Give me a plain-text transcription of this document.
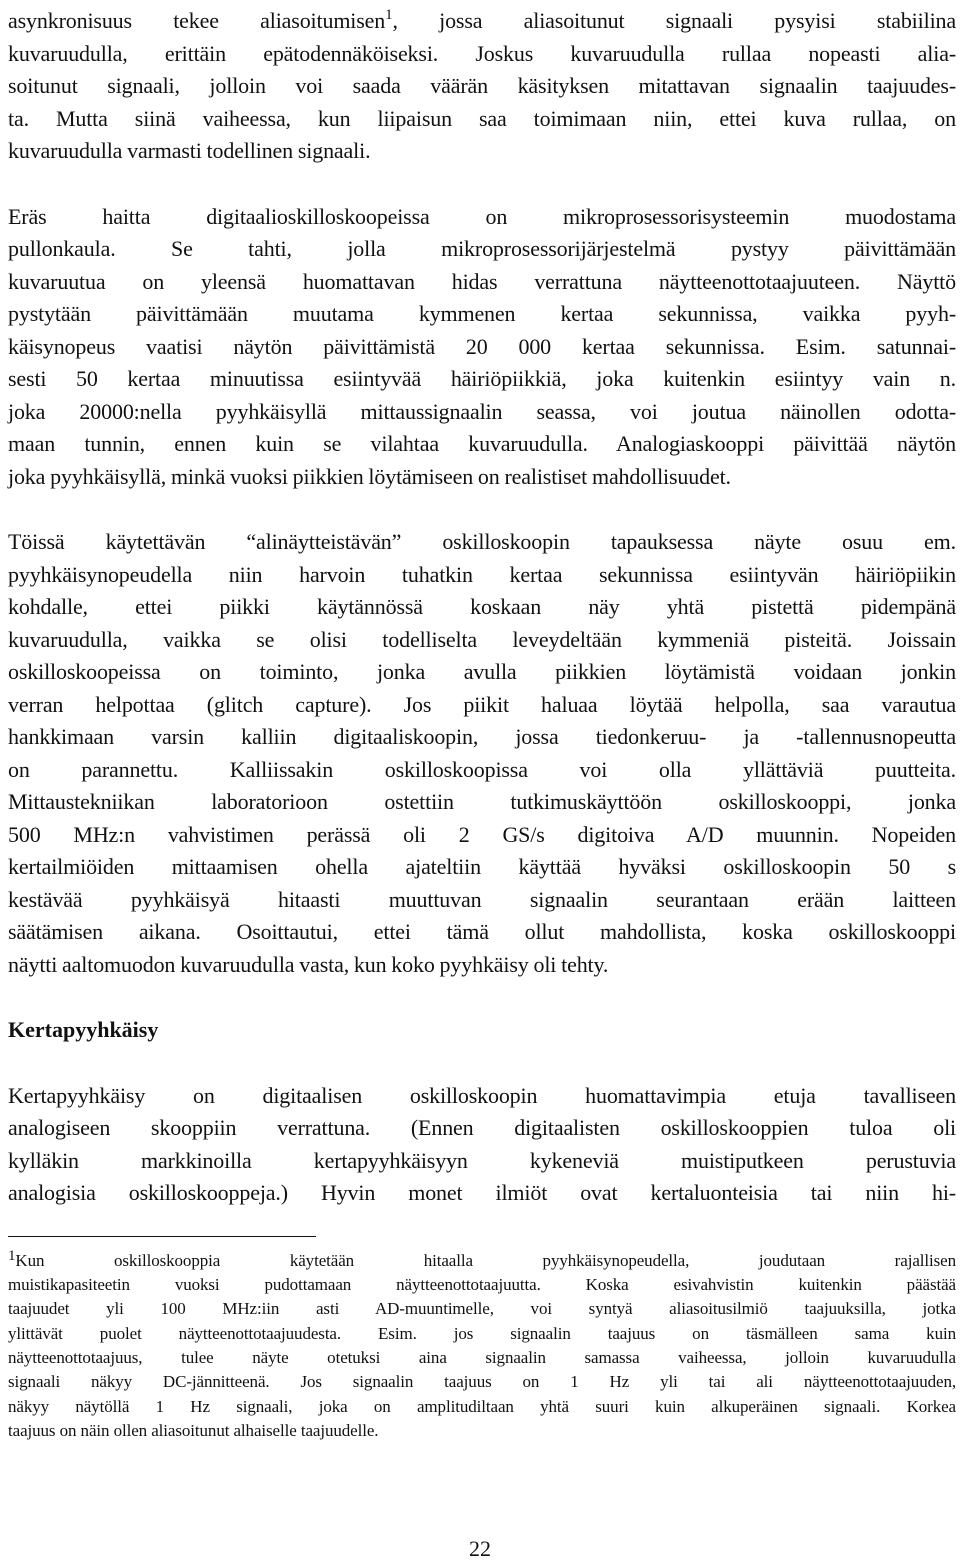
asynkronisuus tekee aliasoitumisen$^1$, jossa aliasoitunut signaali pysyisi stabiilina
kuvaruudulla, erittäin epätodennäköiseksi. Joskus kuvaruudulla rullaa nopeasti alia-
soitunut signaali, jolloin voi saada väärän käsityksen mitattavan signaalin taajuudes-
ta. Mutta siinä vaiheessa, kun liipaisun saa toimimaan niin, ettei kuva rullaa, on
kuvaruudulla varmasti todellinen signaali.
Eräs haitta digitaalioskilloskoopeissa on mikroprosessorisysteemin muodostama
pullonkaula. Se tahti, jolla mikroprosessorijärjestelmä pystyy päivittämään
kuvaruutua on yleensä huomattavan hidas verrattuna näytteenottotaajuuteen. Näyttö
pystytään päivittämään muutama kymmenen kertaa sekunnissa, vaikka pyyh-
käisynopeus vaatisi näytön päivittämistä 20 000 kertaa sekunnissa. Esim. satunnai-
sesti 50 kertaa minuutissa esiintyvää häiriöpiikkiä, joka kuitenkin esiintyy vain n.
joka 20000:nella pyyhkäisyllä mittaussignaalin seassa, voi joutua näinollen odotta-
maan tunnin, ennen kuin se vilahtaa kuvaruudulla. Analogiaskooppi päivittää näytön
joka pyyhkäisyllä, minkä vuoksi piikkien löytämiseen on realistiset mahdollisuudet.
Töissä käytettävän “alinäytteistävän” oskilloskoopin tapauksessa näyte osuu em.
pyyhkäisynopeudella niin harvoin tuhatkin kertaa sekunnissa esiintyvän häiriöpiikin
kohdalle, ettei piikki käytännössä koskaan näy yhtä pistettä pidempänä
kuvaruudulla, vaikka se olisi todelliselta leveydeltään kymmeniä pisteitä. Joissain
oskilloskoopeissa on toiminto, jonka avulla piikkien löytämistä voidaan jonkin
verran helpottaa (glitch capture). Jos piikit haluaa löytää helpolla, saa varautua
hankkimaan varsin kalliin digitaaliskoopin, jossa tiedonkeruu- ja -tallennusnopeutta
on parannettu. Kalliissakin oskilloskoopissa voi olla yllättäviä puutteita.
Mittaustekniikan laboratorioon ostettiin tutkimuskäyttöön oskilloskooppi, jonka
500 MHz:n vahvistimen perässä oli 2 GS/s digitoiva A/D muunnin. Nopeiden
kertailmiöiden mittaamisen ohella ajateltiin käyttää hyväksi oskilloskoopin 50 s
kestävää pyyhkäisyä hitaasti muuttuvan signaalin seurantaan erään laitteen
säätämisen aikana. Osoittautui, ettei tämä ollut mahdollista, koska oskilloskooppi
näytti aaltomuodon kuvaruudulla vasta, kun koko pyyhkäisy oli tehty.
Kertapyyhkäisy
Kertapyyhkäisy on digitaalisen oskilloskoopin huomattavimpia etuja tavalliseen
analogiseen skooppiin verrattuna. (Ennen digitaalisten oskilloskooppien tuloa oli
kylläkin markkinoilla kertapyyhkäisyyn kykeneviä muistiputkeen perustuvia
analogisia oskilloskooppeja.) Hyvin monet ilmiöt ovat kertaluonteisia tai niin hi-
1Kun oskilloskooppia käytetään hitaalla pyyhkäisynopeudella, joudutaan rajallisen
muistikapasiteetin vuoksi pudottamaan näytteenottotaajuutta. Koska esivahvistin kuitenkin päästää
taajuudet yli 100 MHz:iin asti AD-muuntimelle, voi syntyä aliasoitusilmiö taajuuksilla, jotka
ylittävät puolet näytteenottotaajuudesta. Esim. jos signaalin taajuus on täsmälleen sama kuin
näytteenottotaajuus, tulee näyte otetuksi aina signaalin samassa vaiheessa, jolloin kuvaruudulla
signaali näkyy DC-jännitteenä. Jos signaalin taajuus on 1 Hz yli tai ali näytteenottotaajuuden,
näkyy näytöllä 1 Hz signaali, joka on amplitudiltaan yhtä suuri kuin alkuperäinen signaali. Korkea
taajuus on näin ollen aliasoitunut alhaiselle taajuudelle.
22
